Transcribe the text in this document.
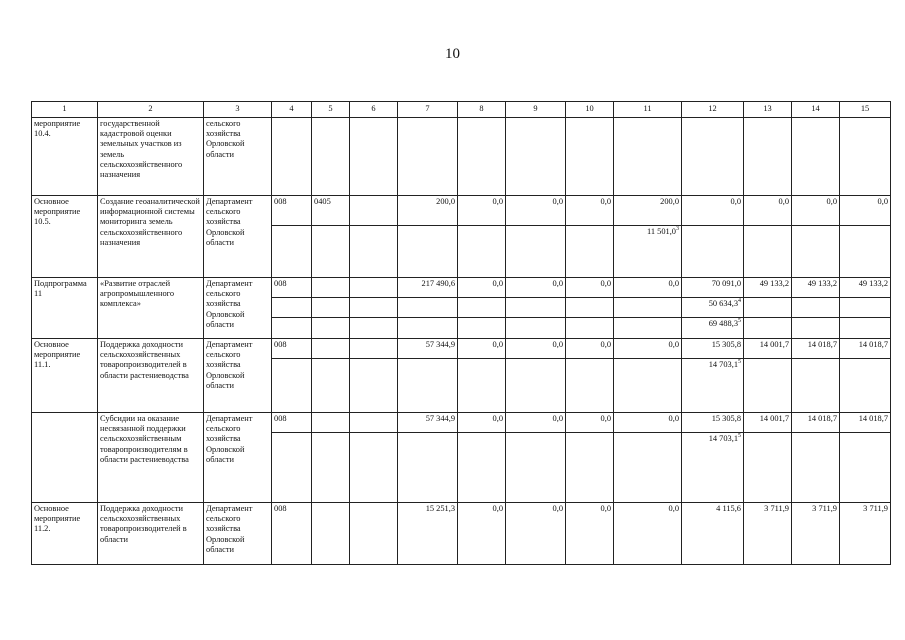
10
1	2	3	4	5	6	7	8	9	10	11	12	13	14	15
мероприятие 10.4.	государственной кадастровой оценки земельных участков из земель сельскохозяйственного назначения	сельского хозяйства Орловской области												
Основное мероприятие 10.5.	Создание геоаналитической информационной системы мониторинга земель сельскохозяйственного назначения	Департамент сельского хозяйства Орловской области	008	0405		200,0	0,0	0,0	0,0	200,0	0,0	0,0	0,0	0,0
										11 501,0$^3$				
Подпрограмма 11	«Развитие отраслей агропромышленного комплекса»	Департамент сельского хозяйства Орловской области	008			217 490,6	0,0	0,0	0,0	0,0	70 091,0	49 133,2	49 133,2	49 133,2
											50 634,3$^4$			
											69 488,3$^5$			
Основное мероприятие 11.1.	Поддержка доходности сельскохозяйственных товаропроизводителей в области растениеводства	Департамент сельского хозяйства Орловской области	008			57 344,9	0,0	0,0	0,0	0,0	15 305,8	14 001,7	14 018,7	14 018,7
											14 703,1$^5$			
	Субсидии на оказание несвязанной поддержки сельскохозяйственным товаропроизводителям в области растениеводства	Департамент сельского хозяйства Орловской области	008			57 344,9	0,0	0,0	0,0	0,0	15 305,8	14 001,7	14 018,7	14 018,7
											14 703,1$^5$			
Основное мероприятие 11.2.	Поддержка доходности сельскохозяйственных товаропроизводителей в области	Департамент сельского хозяйства Орловской области	008			15 251,3	0,0	0,0	0,0	0,0	4 115,6	3 711,9	3 711,9	3 711,9
